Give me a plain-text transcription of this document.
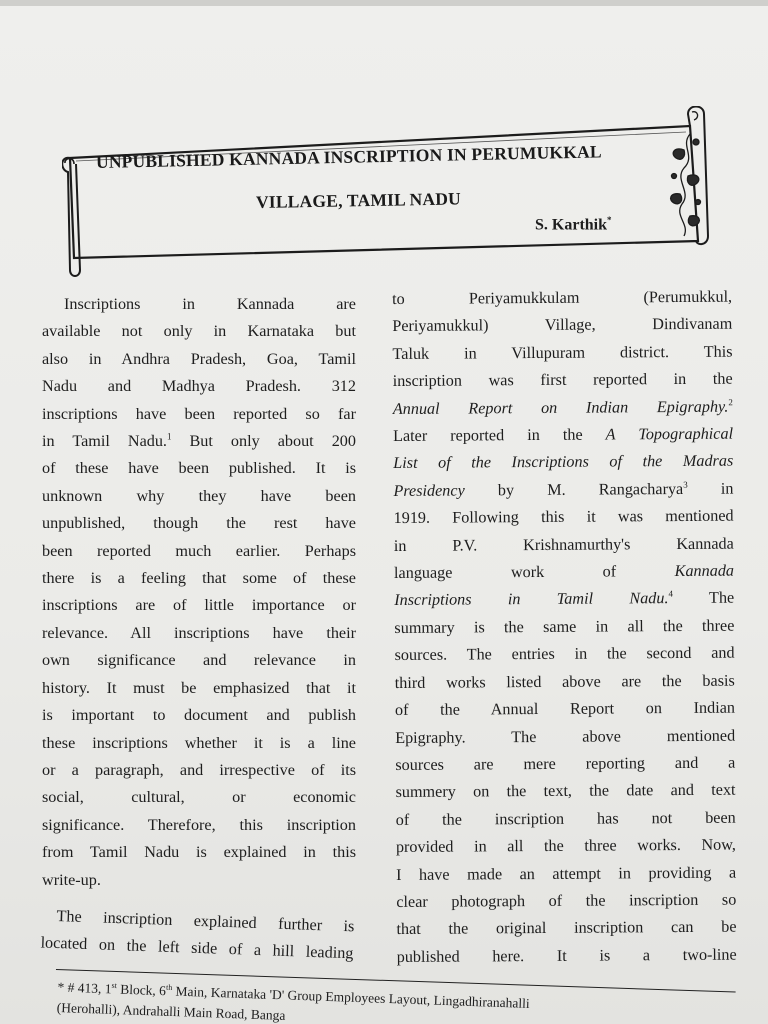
UNPUBLISHED KANNADA INSCRIPTION IN PERUMUKKAL
VILLAGE, TAMIL NADU
S. Karthik*
Inscriptions in Kannada are
available not only in Karnataka but
also in Andhra Pradesh, Goa, Tamil
Nadu and Madhya Pradesh. 312
inscriptions have been reported so far
in Tamil Nadu.$^1$ But only about 200
of these have been published. It is
unknown why they have been
unpublished, though the rest have
been reported much earlier. Perhaps
there is a feeling that some of these
inscriptions are of little importance or
relevance. All inscriptions have their
own significance and relevance in
history. It must be emphasized that it
is important to document and publish
these inscriptions whether it is a line
or a paragraph, and irrespective of its
social, cultural, or economic
significance. Therefore, this inscription
from Tamil Nadu is explained in this
write-up.
The inscription explained further is
located on the left side of a hill leading
to Periyamukkulam (Perumukkul,
Periyamukkul) Village, Dindivanam
Taluk in Villupuram district. This
inscription was first reported in the
Annual Report on Indian Epigraphy.$^2$
Later reported in the A Topographical
List of the Inscriptions of the Madras
Presidency by M. Rangacharya$^3$ in
1919. Following this it was mentioned
in P.V. Krishnamurthy's Kannada
language work of Kannada
Inscriptions in Tamil Nadu.$^4$ The
summary is the same in all the three
sources. The entries in the second and
third works listed above are the basis
of the Annual Report on Indian
Epigraphy. The above mentioned
sources are mere reporting and a
summery on the text, the date and text
of the inscription has not been
provided in all the three works. Now,
I have made an attempt in providing a
clear photograph of the inscription so
that the original inscription can be
published here. It is a two-line
* # 413, 1st Block, 6th Main, Karnataka 'D' Group Employees Layout, Lingadhiranahalli
(Herohalli), Andrahalli Main Road, Banga
